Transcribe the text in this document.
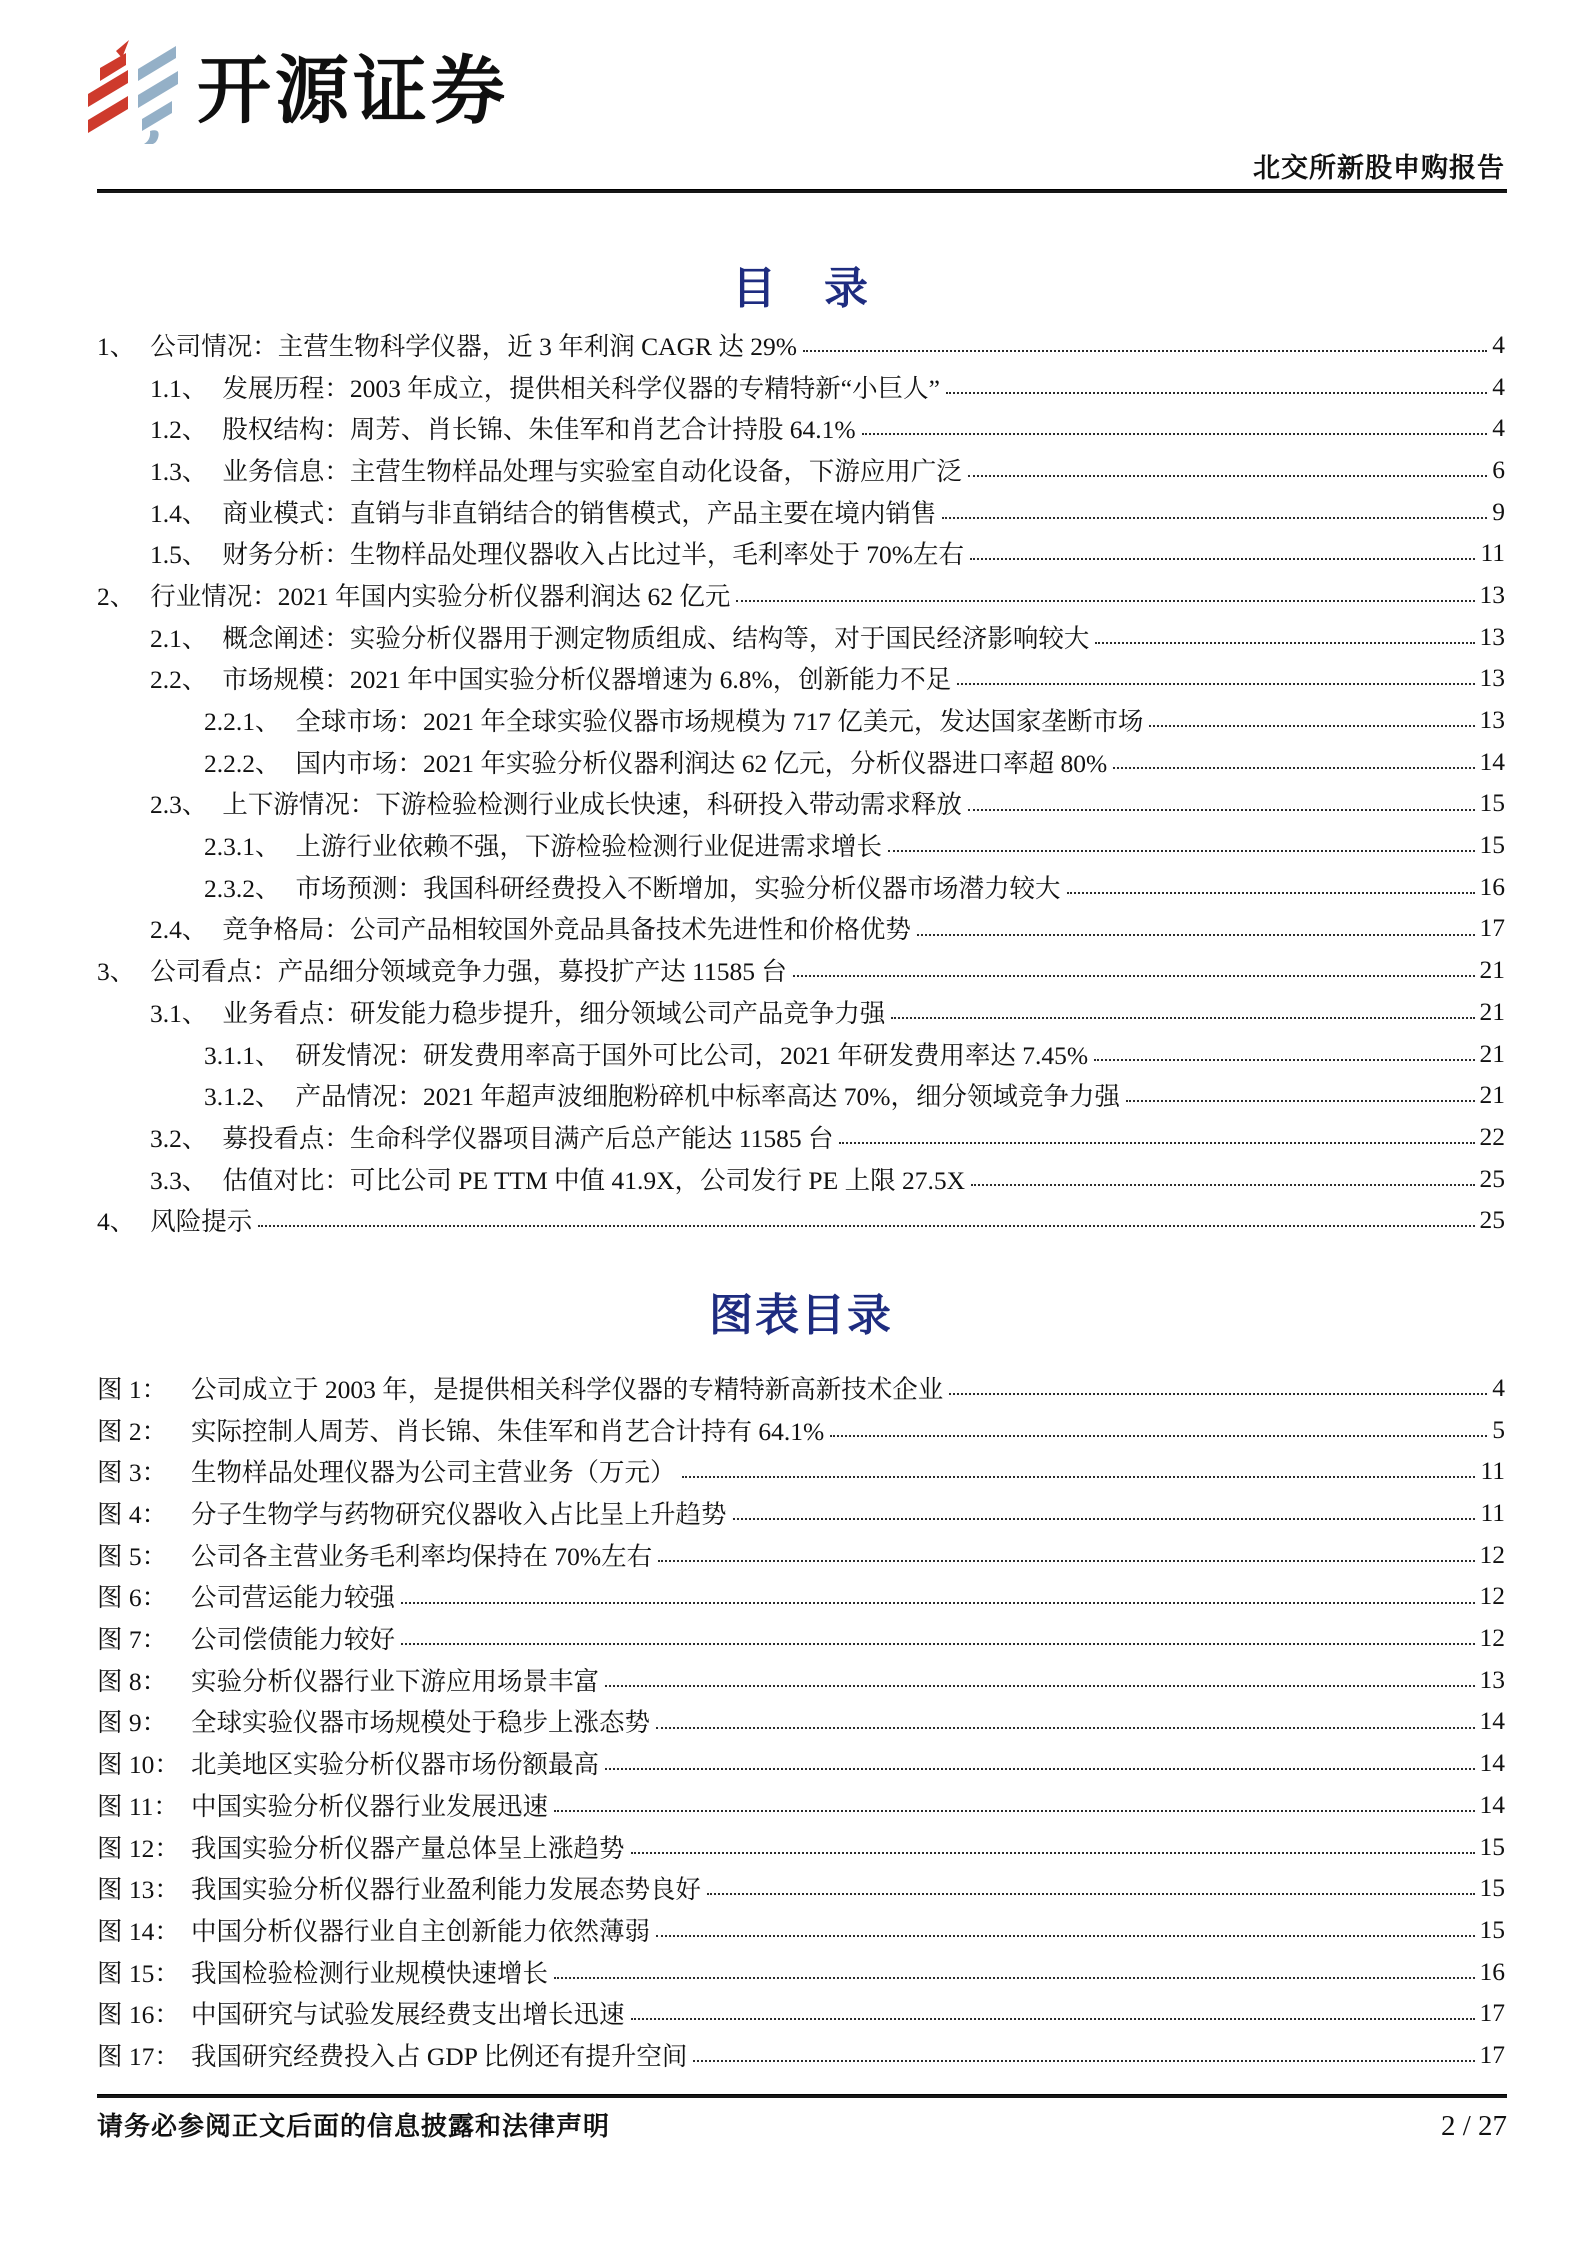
开源证券
北交所新股申购报告
目　录
1、 公司情况：主营生物科学仪器，近 3 年利润 CAGR 达 29%	4
1.1、 发展历程：2003 年成立，提供相关科学仪器的专精特新“小巨人”	4
1.2、 股权结构：周芳、肖长锦、朱佳军和肖艺合计持股 64.1%	4
1.3、 业务信息：主营生物样品处理与实验室自动化设备，下游应用广泛	6
1.4、 商业模式：直销与非直销结合的销售模式，产品主要在境内销售	9
1.5、 财务分析：生物样品处理仪器收入占比过半，毛利率处于 70%左右	11
2、 行业情况：2021 年国内实验分析仪器利润达 62 亿元	13
2.1、 概念阐述：实验分析仪器用于测定物质组成、结构等，对于国民经济影响较大	13
2.2、 市场规模：2021 年中国实验分析仪器增速为 6.8%，创新能力不足	13
2.2.1、 全球市场：2021 年全球实验仪器市场规模为 717 亿美元，发达国家垄断市场	13
2.2.2、 国内市场：2021 年实验分析仪器利润达 62 亿元，分析仪器进口率超 80%	14
2.3、 上下游情况：下游检验检测行业成长快速，科研投入带动需求释放	15
2.3.1、 上游行业依赖不强，下游检验检测行业促进需求增长	15
2.3.2、 市场预测：我国科研经费投入不断增加，实验分析仪器市场潜力较大	16
2.4、 竞争格局：公司产品相较国外竞品具备技术先进性和价格优势	17
3、 公司看点：产品细分领域竞争力强，募投扩产达 11585 台	21
3.1、 业务看点：研发能力稳步提升，细分领域公司产品竞争力强	21
3.1.1、 研发情况：研发费用率高于国外可比公司，2021 年研发费用率达 7.45%	21
3.1.2、 产品情况：2021 年超声波细胞粉碎机中标率高达 70%，细分领域竞争力强	21
3.2、 募投看点：生命科学仪器项目满产后总产能达 11585 台	22
3.3、 估值对比：可比公司 PE TTM 中值 41.9X，公司发行 PE 上限 27.5X	25
4、 风险提示	25
图表目录
图 1： 公司成立于 2003 年，是提供相关科学仪器的专精特新高新技术企业	4
图 2： 实际控制人周芳、肖长锦、朱佳军和肖艺合计持有 64.1%	5
图 3： 生物样品处理仪器为公司主营业务（万元）	11
图 4： 分子生物学与药物研究仪器收入占比呈上升趋势	11
图 5： 公司各主营业务毛利率均保持在 70%左右	12
图 6： 公司营运能力较强	12
图 7： 公司偿债能力较好	12
图 8： 实验分析仪器行业下游应用场景丰富	13
图 9： 全球实验仪器市场规模处于稳步上涨态势	14
图 10： 北美地区实验分析仪器市场份额最高	14
图 11： 中国实验分析仪器行业发展迅速	14
图 12： 我国实验分析仪器产量总体呈上涨趋势	15
图 13： 我国实验分析仪器行业盈利能力发展态势良好	15
图 14： 中国分析仪器行业自主创新能力依然薄弱	15
图 15： 我国检验检测行业规模快速增长	16
图 16： 中国研究与试验发展经费支出增长迅速	17
图 17： 我国研究经费投入占 GDP 比例还有提升空间	17
请务必参阅正文后面的信息披露和法律声明	2 / 27
